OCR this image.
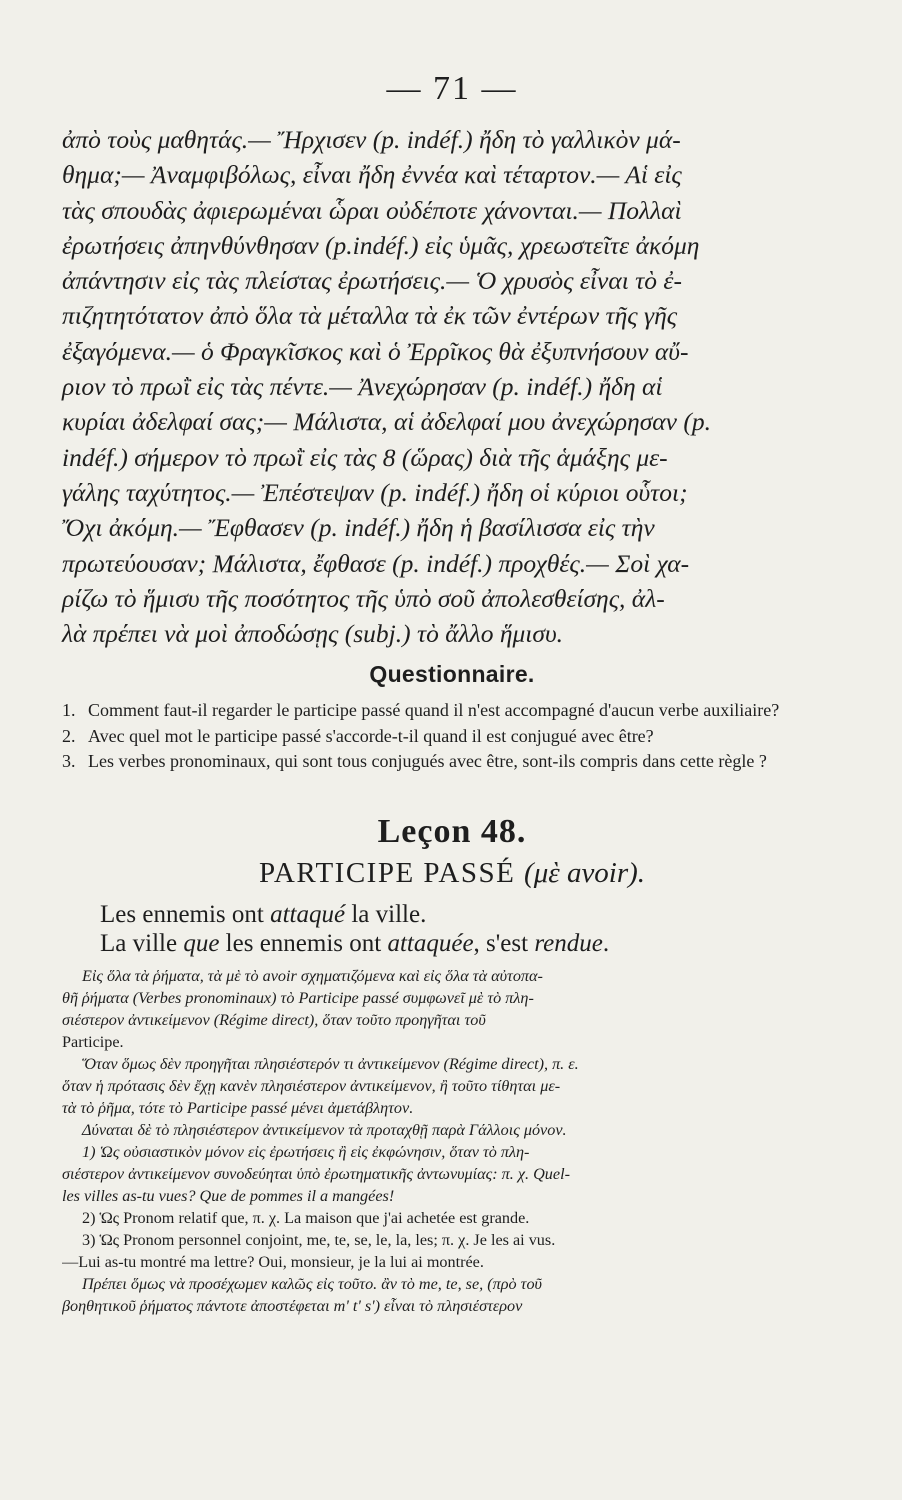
— 71 —

ἀπὸ τοὺς μαθητάς.— Ἤρχισεν (p. indéf.) ἤδη τὸ γαλλικὸν μά-

θημα;— Ἀναμφιβόλως, εἶναι ἤδη ἐννέα καὶ τέταρτον.— Αἱ εἰς

τὰς σπουδὰς ἀφιερωμέναι ὧραι οὐδέποτε χάνονται.— Πολλαὶ

ἐρωτήσεις ἀπηνθύνθησαν (p.indéf.) εἰς ὑμᾶς, χρεωστεῖτε ἀκόμη

ἀπάντησιν εἰς τὰς πλείστας ἐρωτήσεις.— Ὁ χρυσὸς εἶναι τὸ ἐ-

πιζητητότατον ἀπὸ ὅλα τὰ μέταλλα τὰ ἐκ τῶν ἐντέρων τῆς γῆς

ἐξαγόμενα.— ὁ Φραγκῖσκος καὶ ὁ Ἐρρῖκος θὰ ἐξυπνήσουν αὔ-

ριον τὸ πρωῒ εἰς τὰς πέντε.— Ἀνεχώρησαν (p. indéf.) ἤδη αἱ

κυρίαι ἀδελφαί σας;— Μάλιστα, αἱ ἀδελφαί μου ἀνεχώρησαν (p.

indéf.) σήμερον τὸ πρωῒ εἰς τὰς 8 (ὥρας) διὰ τῆς ἁμάξης με-

γάλης ταχύτητος.— Ἐπέστεψαν (p. indéf.) ἤδη οἱ κύριοι οὗτοι;

Ὄχι ἀκόμη.— Ἔφθασεν (p. indéf.) ἤδη ἡ βασίλισσα εἰς τὴν

πρωτεύουσαν; Μάλιστα, ἔφθασε (p. indéf.) προχθές.— Σοὶ χα-

ρίζω τὸ ἥμισυ τῆς ποσότητος τῆς ὑπὸ σοῦ ἀπολεσθείσης, ἀλ-

λὰ πρέπει νὰ μοὶ ἀποδώσῃς (subj.) τὸ ἄλλο ἥμισυ.

Questionnaire.
1. Comment faut-il regarder le participe passé quand il n'est accompagné d'aucun verbe auxiliaire?
2. Avec quel mot le participe passé s'accorde-t-il quand il est conjugué avec être?
3. Les verbes pronominaux, qui sont tous conjugués avec être, sont-ils compris dans cette règle ?
Leçon 48.
PARTICIPE PASSÉ (μὲ avoir).
Les ennemis ont attaqué la ville.
La ville que les ennemis ont attaquée, s'est rendue.

Εἰς ὅλα τὰ ῥήματα, τὰ μὲ τὸ avoir σχηματιζόμενα καὶ εἰς ὅλα τὰ αὐτοπα-

θῆ ῥήματα (Verbes pronominaux) τὸ Participe passé συμφωνεῖ μὲ τὸ πλη-

σιέστερον ἀντικείμενον (Régime direct), ὅταν τοῦτο προηγῆται τοῦ

Participe.

Ὅταν ὅμως δὲν προηγῆται πλησιέστερόν τι ἀντικείμενον (Régime direct), π. ε.

ὅταν ἡ πρότασις δὲν ἔχῃ κανὲν πλησιέστερον ἀντικείμενον, ἢ τοῦτο τίθηται με-

τὰ τὸ ῥῆμα, τότε τὸ Participe passé μένει ἀμετάβλητον.

Δύναται δὲ τὸ πλησιέστερον ἀντικείμενον τὰ προταχθῇ παρὰ Γάλλοις μόνον.

1) Ὡς οὐσιαστικὸν μόνον εἰς ἐρωτήσεις ἢ εἰς ἐκφώνησιν, ὅταν τὸ πλη-

σιέστερον ἀντικείμενον συνοδεύηται ὑπὸ ἐρωτηματικῆς ἀντωνυμίας: π. χ. Quel-

les villes as-tu vues? Que de pommes il a mangées!

2) Ὡς Pronom relatif que, π. χ. La maison que j'ai achetée est grande.

3) Ὡς Pronom personnel conjoint, me, te, se, le, la, les; π. χ. Je les ai vus.

—Lui as-tu montré ma lettre? Oui, monsieur, je la lui ai montrée.

Πρέπει ὅμως νὰ προσέχωμεν καλῶς εἰς τοῦτο. ἂν τὸ me, te, se, (πρὸ τοῦ

βοηθητικοῦ ῥήματος πάντοτε ἀποστέφεται m' t' s') εἶναι τὸ πλησιέστερον
